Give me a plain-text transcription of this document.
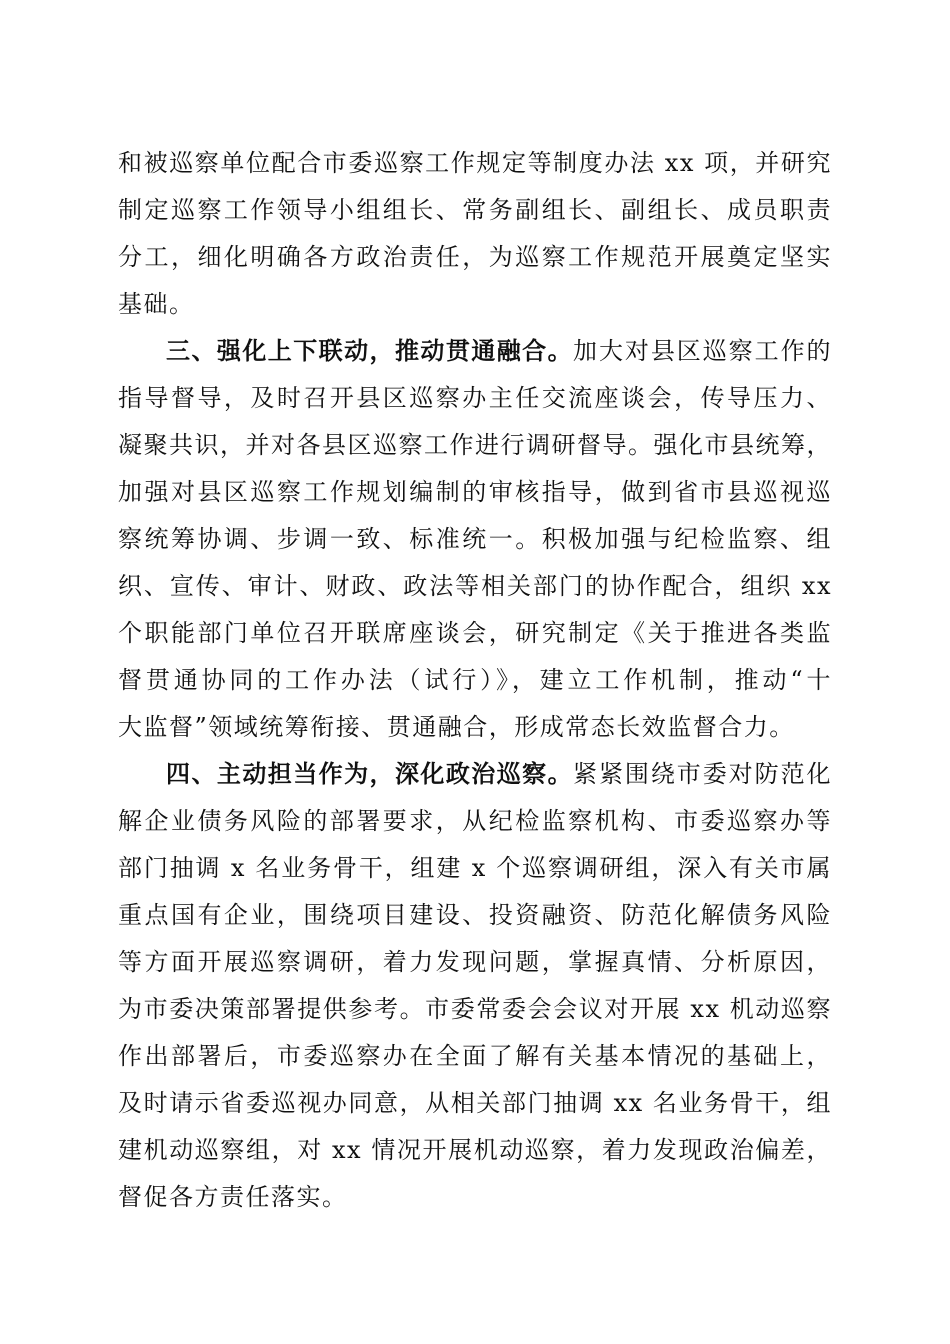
和被巡察单位配合市委巡察工作规定等制度办法 xx 项，并研究
制定巡察工作领导小组组长、常务副组长、副组长、成员职责
分工，细化明确各方政治责任，为巡察工作规范开展奠定坚实
基础。
三、强化上下联动，推动贯通融合。加大对县区巡察工作的
指导督导，及时召开县区巡察办主任交流座谈会，传导压力、
凝聚共识，并对各县区巡察工作进行调研督导。强化市县统筹，
加强对县区巡察工作规划编制的审核指导，做到省市县巡视巡
察统筹协调、步调一致、标准统一。积极加强与纪检监察、组
织、宣传、审计、财政、政法等相关部门的协作配合，组织 xx
个职能部门单位召开联席座谈会，研究制定《关于推进各类监
督贯通协同的工作办法（试行）》，建立工作机制，推动“十
大监督”领域统筹衔接、贯通融合，形成常态长效监督合力。
四、主动担当作为，深化政治巡察。紧紧围绕市委对防范化
解企业债务风险的部署要求，从纪检监察机构、市委巡察办等
部门抽调 x 名业务骨干，组建 x 个巡察调研组，深入有关市属
重点国有企业，围绕项目建设、投资融资、防范化解债务风险
等方面开展巡察调研，着力发现问题，掌握真情、分析原因，
为市委决策部署提供参考。市委常委会会议对开展 xx 机动巡察
作出部署后，市委巡察办在全面了解有关基本情况的基础上，
及时请示省委巡视办同意，从相关部门抽调 xx 名业务骨干，组
建机动巡察组，对 xx 情况开展机动巡察，着力发现政治偏差，
督促各方责任落实。
